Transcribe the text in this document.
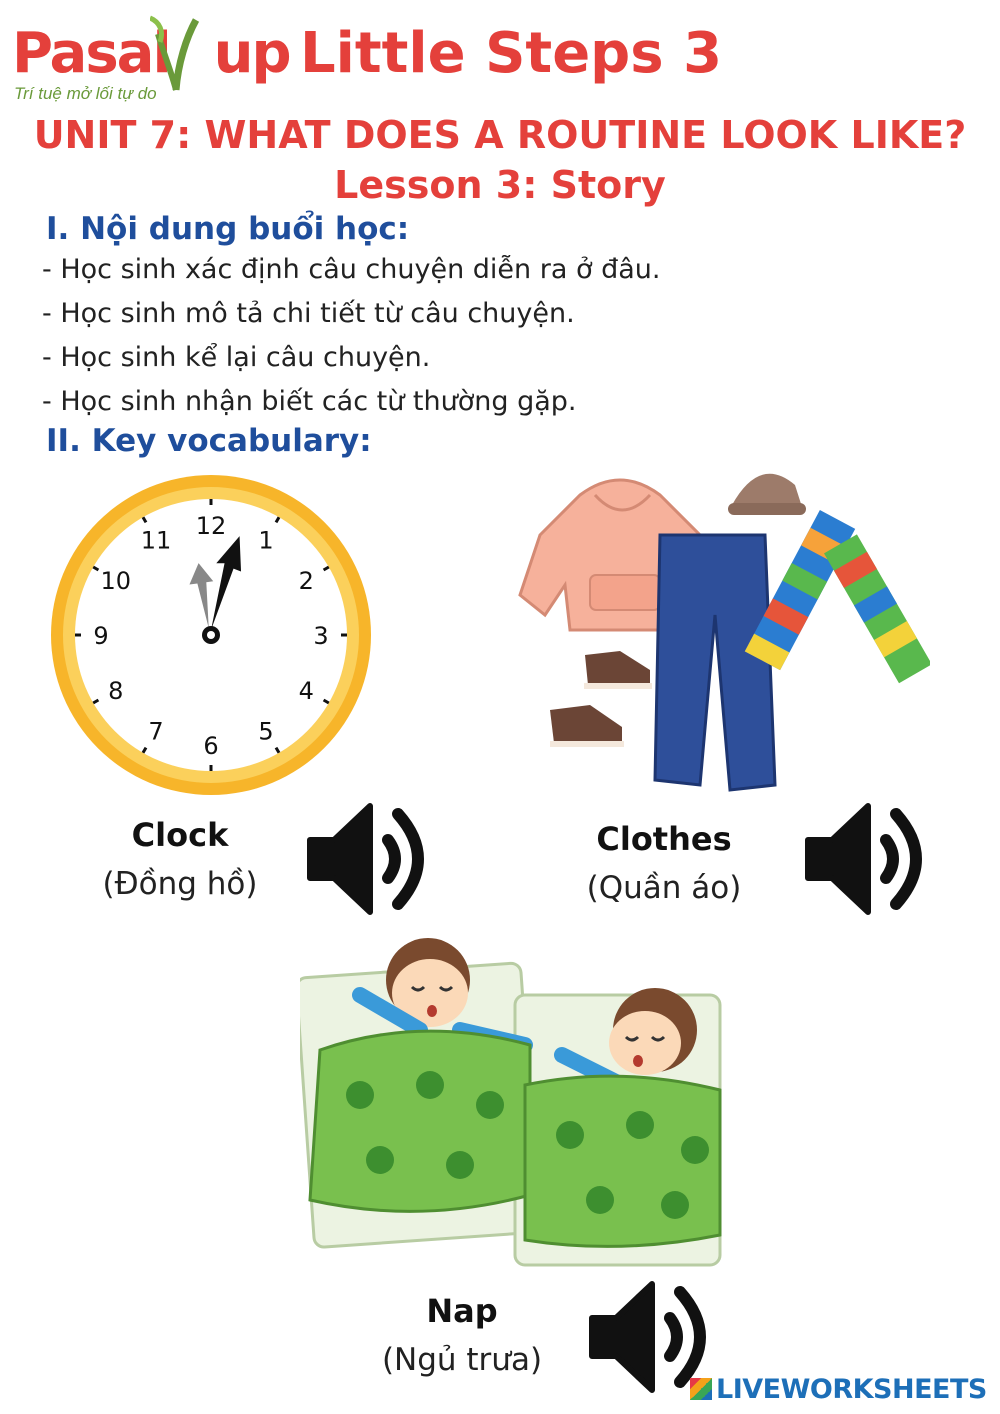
Pasal up
Trí tuệ mở lối tự do
Little Steps 3
UNIT 7: WHAT DOES A ROUTINE LOOK LIKE?
Lesson 3: Story
I. Nội dung buổi học:
- Học sinh xác định câu chuyện diễn ra ở đâu.
- Học sinh mô tả chi tiết từ câu chuyện.
- Học sinh kể lại câu chuyện.
- Học sinh nhận biết các từ thường gặp.
II. Key vocabulary:
12
1
2
3
4
5
6
7
8
9
10
11
Clock
(Đồng hồ)
Clothes
(Quần áo)
Nap
(Ngủ trưa)
LIVEWORKSHEETS
